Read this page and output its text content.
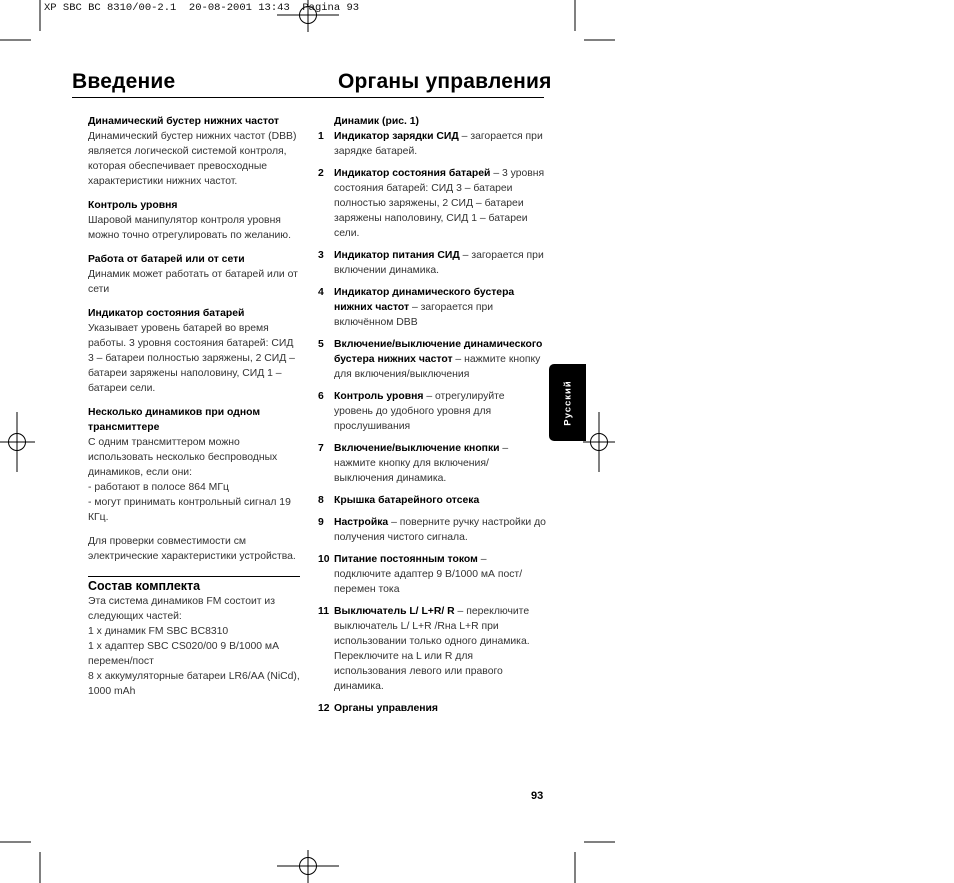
XP SBC BC 8310/00-2.1  20-08-2001 13:43  Pagina 93
Введение	Органы управления

Динамический бустер нижних частот

Динамический бустер нижних частот (DBB) является логической системой контроля, которая обеспечивает превосходные характеристики нижних частот.

Контроль уровня

Шаровой манипулятор контроля уровня можно точно отрегулировать по желанию.

Работа от батарей или от сети

Динамик может работать от батарей или от сети

Индикатор состояния батарей

Указывает уровень батарей во время работы. 3 уровня состояния батарей: СИД 3 – батареи полностью заряжены, 2 СИД – батареи заряжены наполовину, СИД 1 – батареи сели.

Несколько динамиков при одном трансмиттере

С одним трансмиттером можно использовать несколько беспроводных динамиков, если они:

- работают в полосе 864 МГц

- могут принимать контрольный сигнал 19 КГц.

Для проверки совместимости см электрические характеристики устройства.

Состав комплекта

Эта система динамиков FM состоит из следующих частей:

1 x динамик FM SBC BC8310

1 x адаптер SBC CS020/00 9 В/1000 мА перемен/пост

8 x аккумуляторные батареи LR6/AA (NiCd), 1000 mAh

Динамик (рис. 1)

1 Индикатор зарядки СИД – загорается при зарядке батарей.
2 Индикатор состояния батарей – 3 уровня состояния батарей: СИД 3 – батареи полностью заряжены, 2 СИД – батареи заряжены наполовину, СИД 1 – батареи сели.
3 Индикатор питания СИД – загорается при включении динамика.
4 Индикатор динамического бустера нижних частот – загорается при включённом DBB
5 Включение/выключение динамического бустера нижних частот – нажмите кнопку для включения/выключения
6 Контроль уровня – отрегулируйте уровень до удобного уровня для прослушивания
7 Включение/выключение кнопки – нажмите кнопку для включения/ выключения динамика.
8 Крышка батарейного отсека
9 Настройка – поверните ручку настройки до получения чистого сигнала.
10 Питание постоянным током – подключите адаптер 9 В/1000 мА пост/перемен тока
11 Выключатель L/ L+R/ R – переключите выключатель L/ L+R /Rна L+R при использовании только одного динамика. Переключите на L или R для использования левого или правого динамика.
12 Органы управления
Русский
93
